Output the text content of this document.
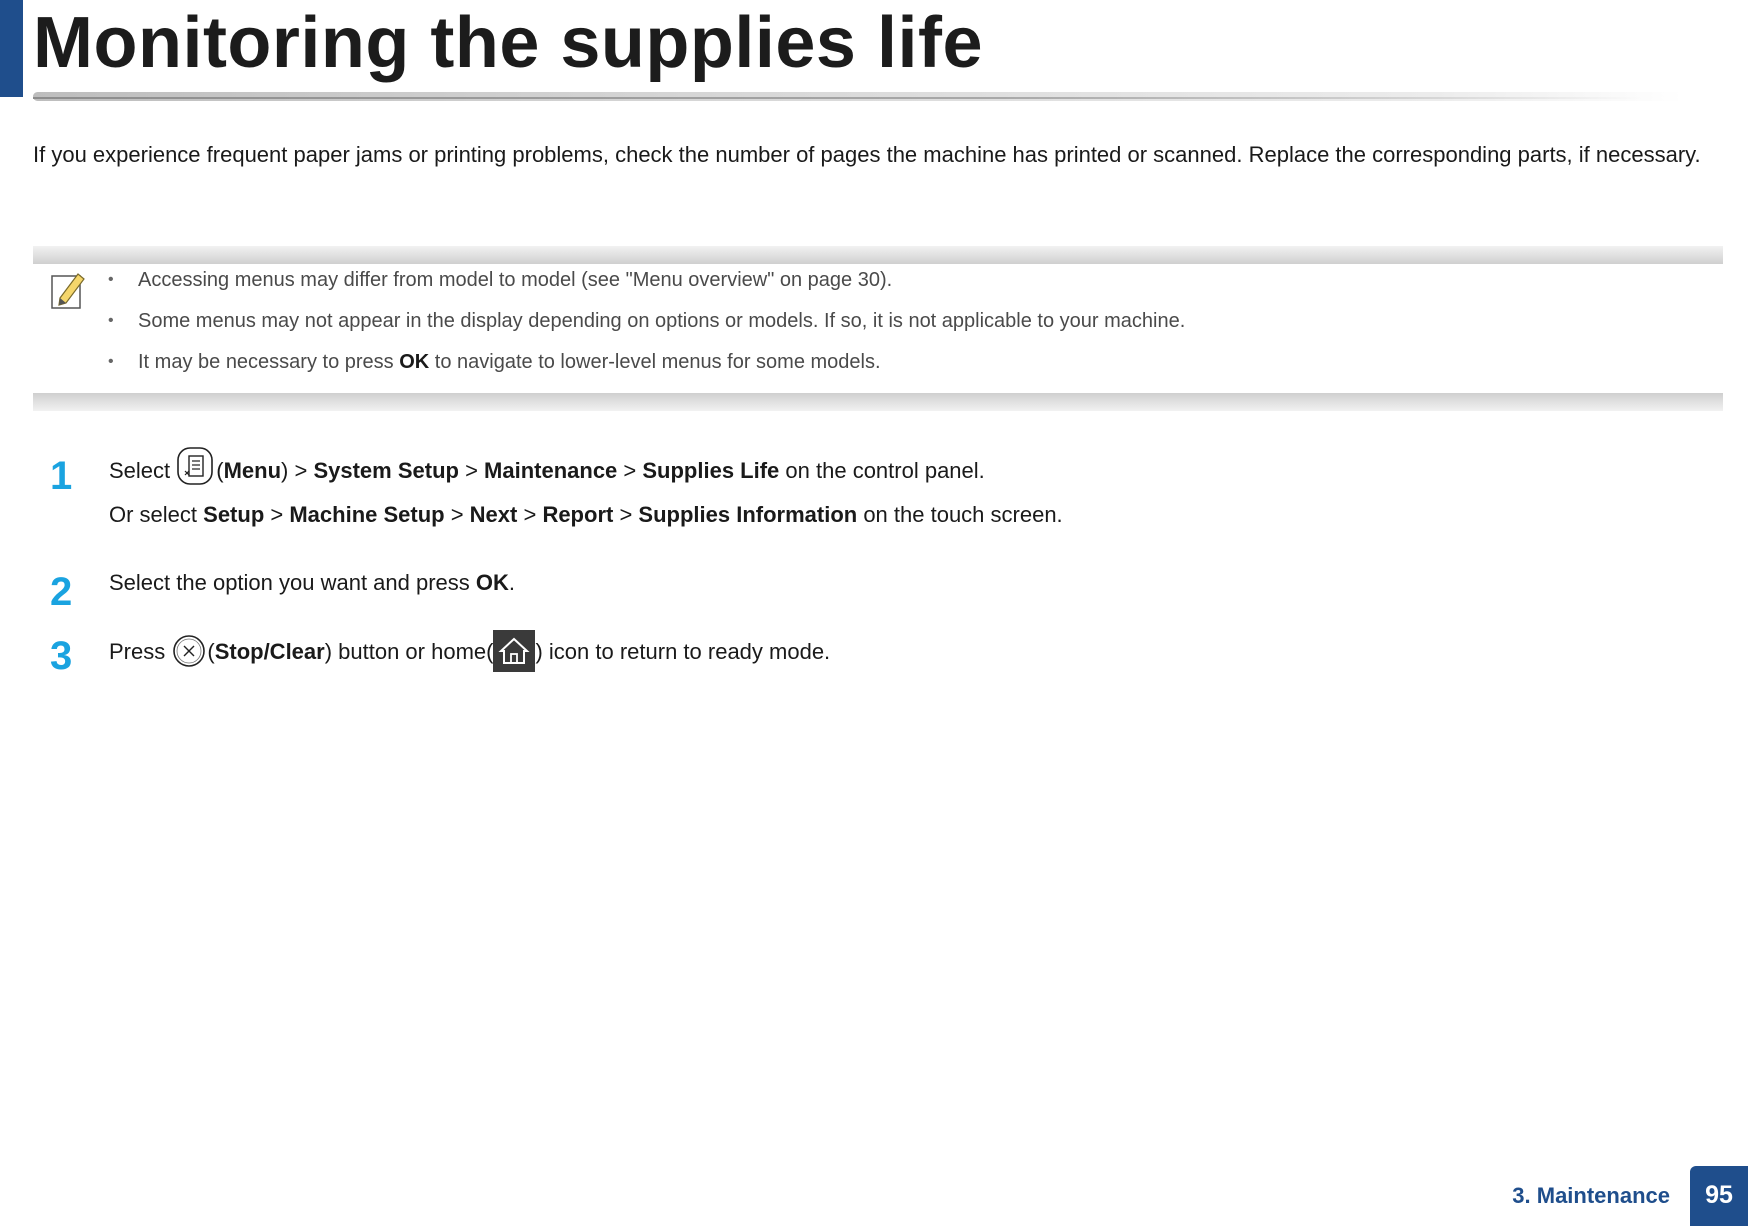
Monitoring the supplies life

If you experience frequent paper jams or printing problems, check the number of pages the machine has printed or scanned. Replace the corresponding parts, if necessary.

• Accessing menus may differ from model to model (see "Menu overview" on page 30).
• Some menus may not appear in the display depending on options or models. If so, it is not applicable to your machine.
• It may be necessary to press OK to navigate to lower-level menus for some models.
1 Select (Menu) > System Setup > Maintenance > Supplies Life on the control panel.
Or select Setup > Machine Setup > Next > Report > Supplies Information on the touch screen.
2 Select the option you want and press OK.
3 Press (Stop/Clear) button or home( ) icon to return to ready mode.
3. Maintenance	95
